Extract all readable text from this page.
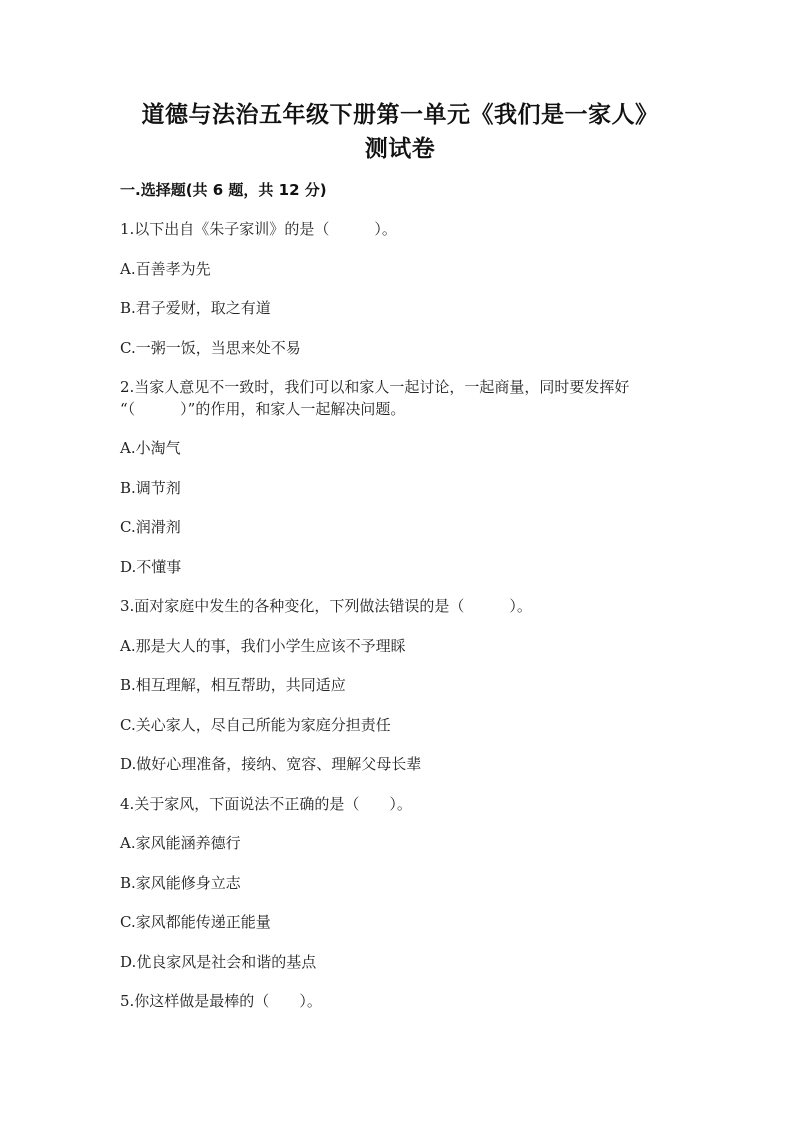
道德与法治五年级下册第一单元《我们是一家人》
测试卷
一.选择题(共 6 题，共 12 分)
1.以下出自《朱子家训》的是（　　　）。
A.百善孝为先
B.君子爱财，取之有道
C.一粥一饭，当思来处不易
2.当家人意见不一致时，我们可以和家人一起讨论，一起商量，同时要发挥好
“（　　　）”的作用，和家人一起解决问题。
A.小淘气
B.调节剂
C.润滑剂
D.不懂事
3.面对家庭中发生的各种变化，下列做法错误的是（　　　）。
A.那是大人的事，我们小学生应该不予理睬
B.相互理解，相互帮助，共同适应
C.关心家人，尽自己所能为家庭分担责任
D.做好心理准备，接纳、宽容、理解父母长辈
4.关于家风，下面说法不正确的是（　　）。
A.家风能涵养德行
B.家风能修身立志
C.家风都能传递正能量
D.优良家风是社会和谐的基点
5.你这样做是最棒的（　　）。
